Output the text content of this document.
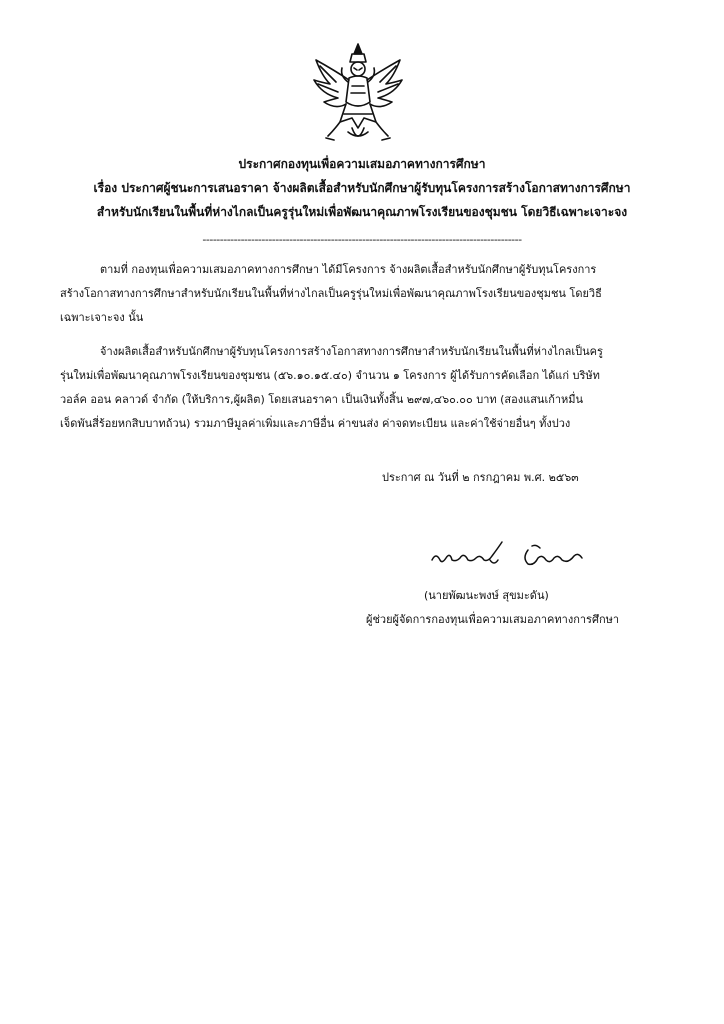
ประกาศกองทุนเพื่อความเสมอภาคทางการศึกษา
เรื่อง ประกาศผู้ชนะการเสนอราคา จ้างผลิตเสื้อสำหรับนักศึกษาผู้รับทุนโครงการสร้างโอกาสทางการศึกษา
สำหรับนักเรียนในพื้นที่ห่างไกลเป็นครูรุ่นใหม่เพื่อพัฒนาคุณภาพโรงเรียนของชุมชน โดยวิธีเฉพาะเจาะจง
--------------------------------------------------------------------------------------------
ตามที่ กองทุนเพื่อความเสมอภาคทางการศึกษา ได้มีโครงการ จ้างผลิตเสื้อสำหรับนักศึกษาผู้รับทุนโครงการ
สร้างโอกาสทางการศึกษาสำหรับนักเรียนในพื้นที่ห่างไกลเป็นครูรุ่นใหม่เพื่อพัฒนาคุณภาพโรงเรียนของชุมชน โดยวิธี
เฉพาะเจาะจง นั้น
จ้างผลิตเสื้อสำหรับนักศึกษาผู้รับทุนโครงการสร้างโอกาสทางการศึกษาสำหรับนักเรียนในพื้นที่ห่างไกลเป็นครู
รุ่นใหม่เพื่อพัฒนาคุณภาพโรงเรียนของชุมชน (๕๖.๑๐.๑๕.๔๐) จำนวน ๑ โครงการ ผู้ได้รับการคัดเลือก ได้แก่ บริษัท
วอล์ค ออน คลาวด์ จำกัด (ให้บริการ,ผู้ผลิต) โดยเสนอราคา เป็นเงินทั้งสิ้น ๒๙๗,๔๖๐.๐๐ บาท (สองแสนเก้าหมื่น
เจ็ดพันสี่ร้อยหกสิบบาทถ้วน) รวมภาษีมูลค่าเพิ่มและภาษีอื่น ค่าขนส่ง ค่าจดทะเบียน และค่าใช้จ่ายอื่นๆ ทั้งปวง
ประกาศ ณ วันที่ ๒ กรกฎาคม พ.ศ. ๒๕๖๓
(นายพัฒนะพงษ์ สุขมะดัน)
ผู้ช่วยผู้จัดการกองทุนเพื่อความเสมอภาคทางการศึกษา
